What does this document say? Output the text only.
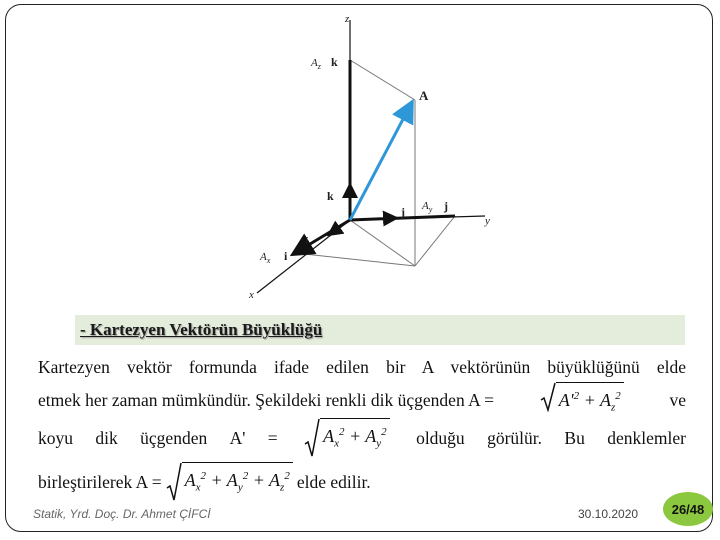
z
y
x
$A_z$ k
A
k
j $A_y$ j
i
$A_x$ i
- Kartezyen Vektörün Büyüklüğü
Kartezyen vektör formunda ifade edilen bir A vektörünün büyüklüğünü elde
etmek her zaman mümkündür. Şekildeki renkli dik üçgenden A =	$A'^2 + A_z^2$	ve
koyu dik üçgenden A' =	$A_x^2 + A_y^2$ olduğu görülür. Bu denklemler
birleştirilerek $A = A_x^2 + A_y^2 + A_z^2$ elde edilir.
Statik, Yrd. Doç. Dr. Ahmet ÇİFCİ	30.10.2020	26/48
